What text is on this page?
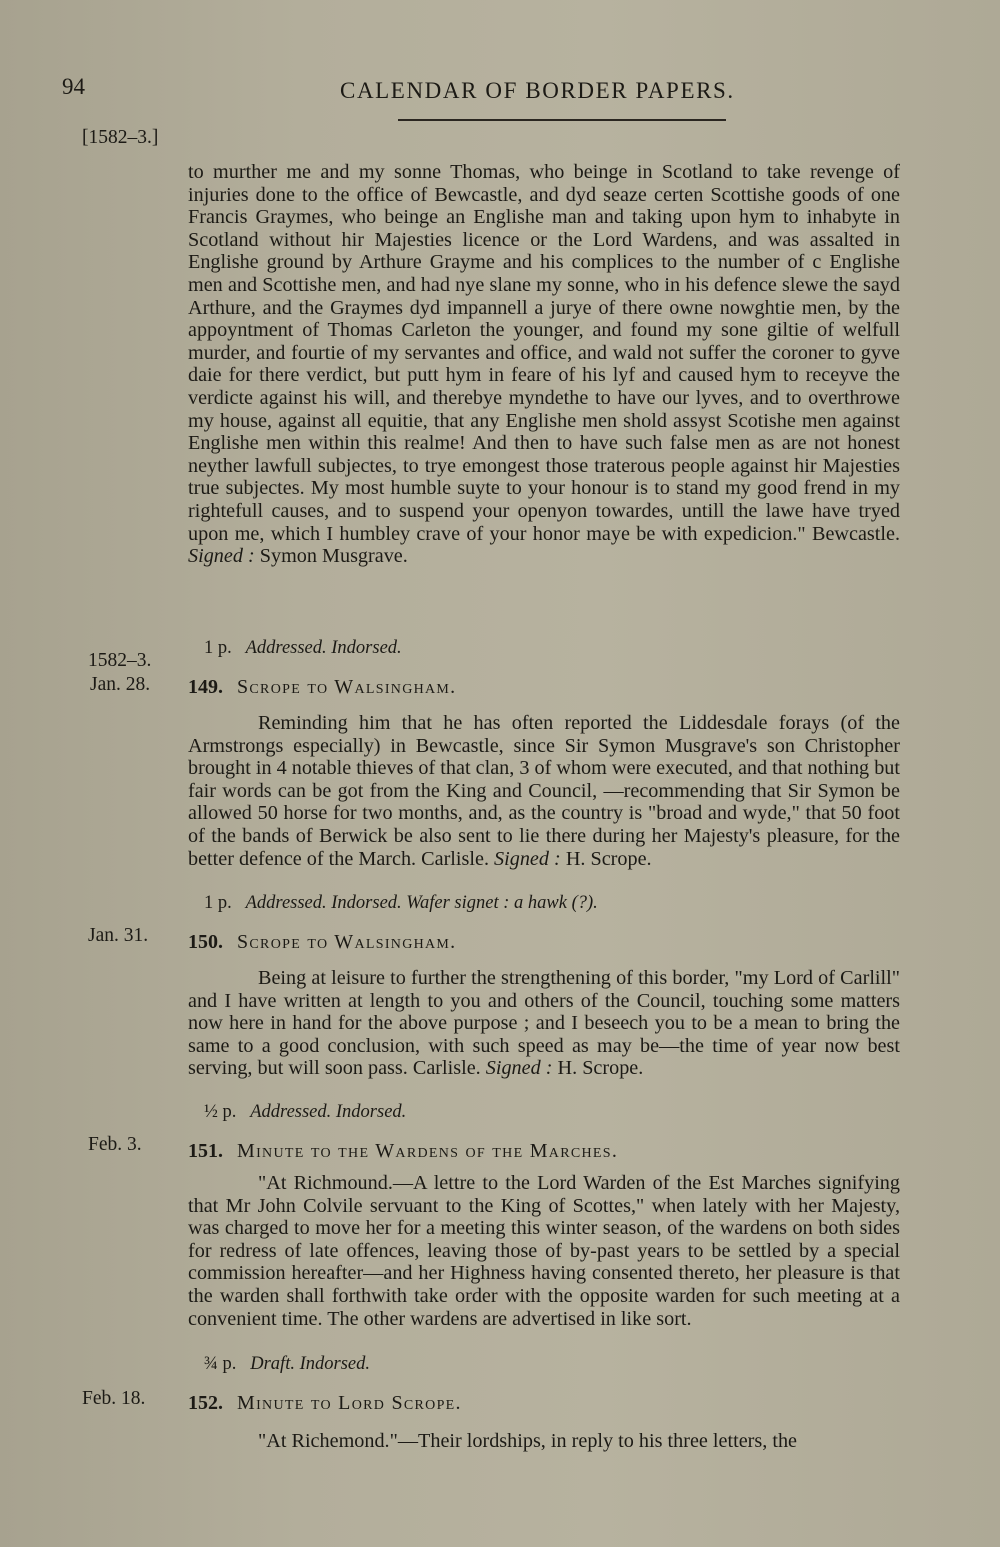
94	CALENDAR OF BORDER PAPERS.
[1582–3.]

to murther me and my sonne Thomas, who beinge in Scotland to take revenge of injuries done to the office of Bewcastle, and dyd seaze certen Scottishe goods of one Francis Graymes, who beinge an Englishe man and taking upon hym to inhabyte in Scotland without hir Majesties licence or the Lord Wardens, and was assalted in Englishe ground by Arthure Grayme and his complices to the number of c Englishe men and Scottishe men, and had nye slane my sonne, who in his defence slewe the sayd Arthure, and the Graymes dyd impannell a jurye of there owne nowghtie men, by the appoyntment of Thomas Carleton the younger, and found my sone giltie of welfull murder, and fourtie of my servantes and office, and wald not suffer the coroner to gyve daie for there verdict, but putt hym in feare of his lyf and caused hym to receyve the verdicte against his will, and therebye myndethe to have our lyves, and to overthrowe my house, against all equitie, that any Englishe men shold assyst Scotishe men against Englishe men within this realme! And then to have such false men as are not honest neyther lawfull subjectes, to trye emongest those traterous people against hir Majesties true subjectes. My most humble suyte to your honour is to stand my good frend in my rightefull causes, and to suspend your openyon towardes, untill the lawe have tryed upon me, which I humbley crave of your honor maye be with expedicion." Bewcastle. Signed : Symon Musgrave.

1 p. Addressed. Indorsed.
1582–3.
Jan. 28. 149. Scrope to Walsingham.

Reminding him that he has often reported the Liddesdale forays (of the Armstrongs especially) in Bewcastle, since Sir Symon Musgrave's son Christopher brought in 4 notable thieves of that clan, 3 of whom were executed, and that nothing but fair words can be got from the King and Council, —recommending that Sir Symon be allowed 50 horse for two months, and, as the country is "broad and wyde," that 50 foot of the bands of Berwick be also sent to lie there during her Majesty's pleasure, for the better defence of the March. Carlisle. Signed : H. Scrope.

1 p. Addressed. Indorsed. Wafer signet : a hawk (?).
Jan. 31. 150. Scrope to Walsingham.

Being at leisure to further the strengthening of this border, "my Lord of Carlill" and I have written at length to you and others of the Council, touching some matters now here in hand for the above purpose ; and I beseech you to be a mean to bring the same to a good conclusion, with such speed as may be—the time of year now best serving, but will soon pass. Carlisle. Signed : H. Scrope.

½ p. Addressed. Indorsed.
Feb. 3. 151. Minute to the Wardens of the Marches.

"At Richmound.—A lettre to the Lord Warden of the Est Marches signifying that Mr John Colvile servuant to the King of Scottes," when lately with her Majesty, was charged to move her for a meeting this winter season, of the wardens on both sides for redress of late offences, leaving those of by-past years to be settled by a special commission hereafter—and her Highness having consented thereto, her pleasure is that the warden shall forthwith take order with the opposite warden for such meeting at a convenient time. The other wardens are advertised in like sort.

¾ p. Draft. Indorsed.
Feb. 18. 152. Minute to Lord Scrope.

"At Richemond."—Their lordships, in reply to his three letters, the
